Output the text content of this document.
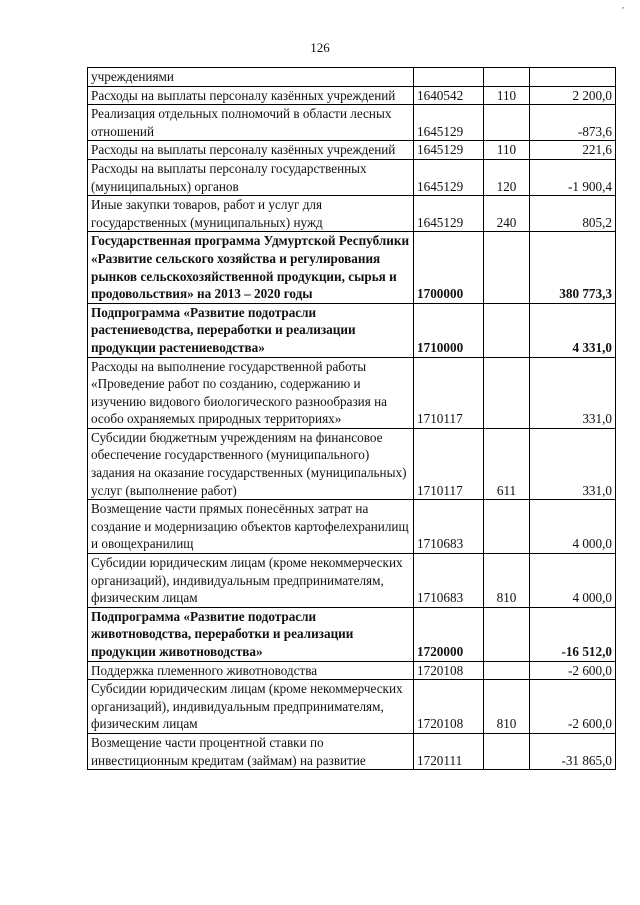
126
′
учреждениями			
Расходы на выплаты персоналу казённых учреждений	1640542	110	2 200,0
Реализация отдельных полномочий в области лесных отношений	1645129		-873,6
Расходы на выплаты персоналу казённых учреждений	1645129	110	221,6
Расходы на выплаты персоналу государственных (муниципальных) органов	1645129	120	-1 900,4
Иные закупки товаров, работ и услуг для государственных (муниципальных) нужд	1645129	240	805,2
Государственная программа Удмуртской Республики «Развитие сельского хозяйства и регулирования рынков сельскохозяйственной продукции, сырья и продовольствия» на 2013 – 2020 годы	1700000		380 773,3
Подпрограмма «Развитие подотрасли растениеводства, переработки и реализации продукции растениеводства»	1710000		4 331,0
Расходы на выполнение государственной работы «Проведение работ по созданию, содержанию и изучению видового биологического разнообразия на особо охраняемых природных территориях»	1710117		331,0
Субсидии бюджетным учреждениям на финансовое обеспечение государственного (муниципального) задания на оказание государственных (муниципальных) услуг (выполнение работ)	1710117	611	331,0
Возмещение части прямых понесённых затрат на создание и модернизацию объектов картофелехранилищ и овощехранилищ	1710683		4 000,0
Субсидии юридическим лицам (кроме некоммерческих организаций), индивидуальным предпринимателям, физическим лицам	1710683	810	4 000,0
Подпрограмма «Развитие подотрасли животноводства, переработки и реализации продукции животноводства»	1720000		-16 512,0
Поддержка племенного животноводства	1720108		-2 600,0
Субсидии юридическим лицам (кроме некоммерческих организаций), индивидуальным предпринимателям, физическим лицам	1720108	810	-2 600,0
Возмещение части процентной ставки по инвестиционным кредитам (займам) на развитие	1720111		-31 865,0
